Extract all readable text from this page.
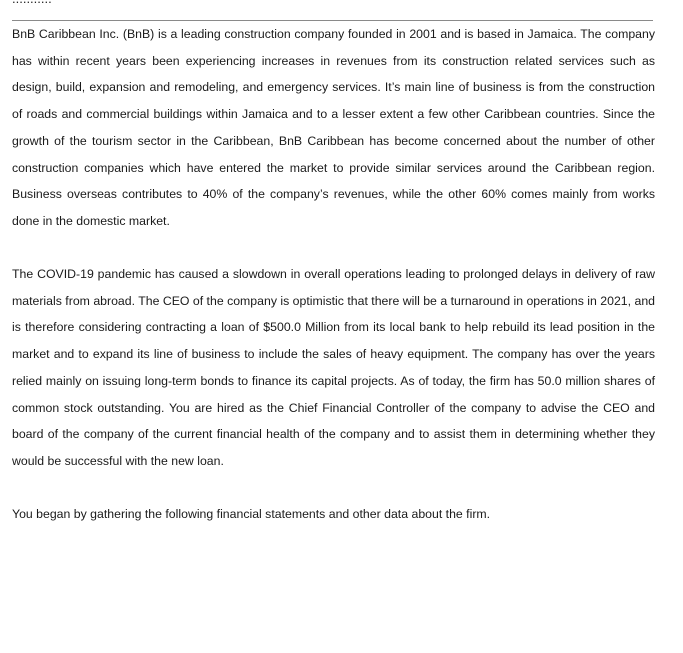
BnB Caribbean Inc. (BnB) is a leading construction company founded in 2001 and is based in Jamaica. The company has within recent years been experiencing increases in revenues from its construction related services such as design, build, expansion and remodeling, and emergency services. It’s main line of business is from the construction of roads and commercial buildings within Jamaica and to a lesser extent a few other Caribbean countries. Since the growth of the tourism sector in the Caribbean, BnB Caribbean has become concerned about the number of other construction companies which have entered the market to provide similar services around the Caribbean region. Business overseas contributes to 40% of the company’s revenues, while the other 60% comes mainly from works done in the domestic market.

The COVID-19 pandemic has caused a slowdown in overall operations leading to prolonged delays in delivery of raw materials from abroad. The CEO of the company is optimistic that there will be a turnaround in operations in 2021, and is therefore considering contracting a loan of $500.0 Million from its local bank to help rebuild its lead position in the market and to expand its line of business to include the sales of heavy equipment. The company has over the years relied mainly on issuing long-term bonds to finance its capital projects. As of today, the firm has 50.0 million shares of common stock outstanding. You are hired as the Chief Financial Controller of the company to advise the CEO and board of the company of the current financial health of the company and to assist them in determining whether they would be successful with the new loan.

You began by gathering the following financial statements and other data about the firm.
